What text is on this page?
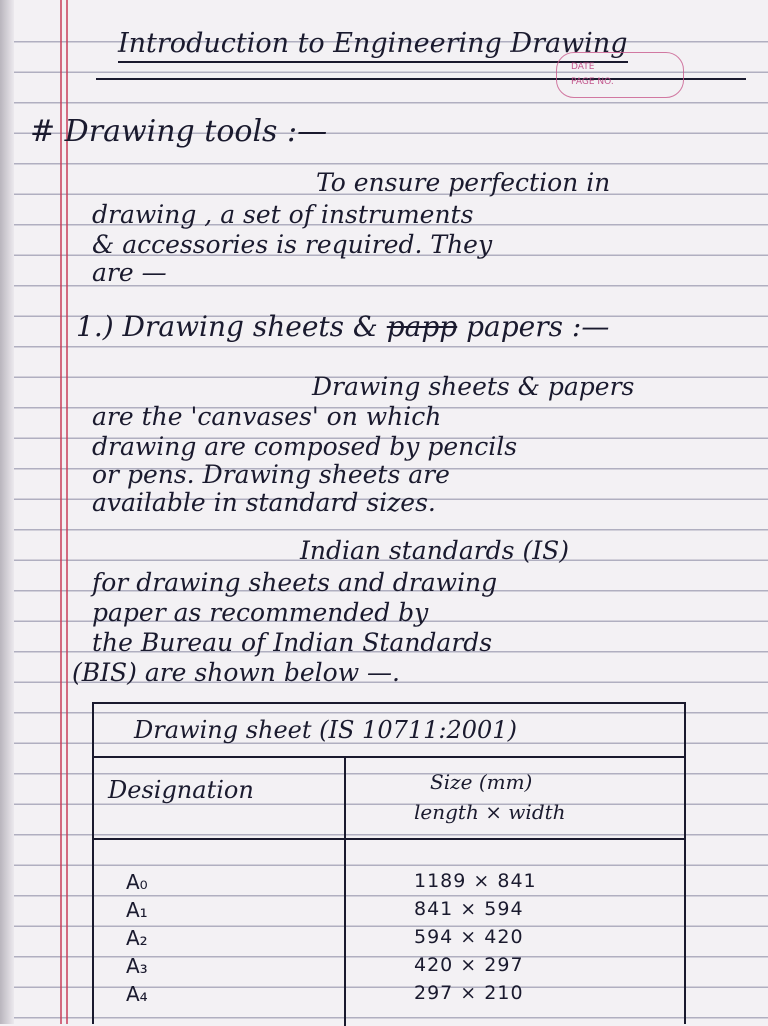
Introduction to Engineering Drawing
DATE
PAGE NO.
# Drawing tools :—
To ensure perfection in
drawing , a set of instruments
& accessories is required. They
are —
1.) Drawing sheets & papp papers :—
Drawing sheets & papers
are the 'canvases' on which
drawing are composed by pencils
or pens. Drawing sheets are
available in standard sizes.
Indian standards (IS)
for drawing sheets and drawing
paper as recommended by
the Bureau of Indian Standards
(BIS) are shown below —.
Drawing sheet (IS 10711:2001)
Designation	Size (mm)
length × width
A₀	1189 × 841
A₁	841 × 594
A₂	594 × 420
A₃	420 × 297
A₄	297 × 210
